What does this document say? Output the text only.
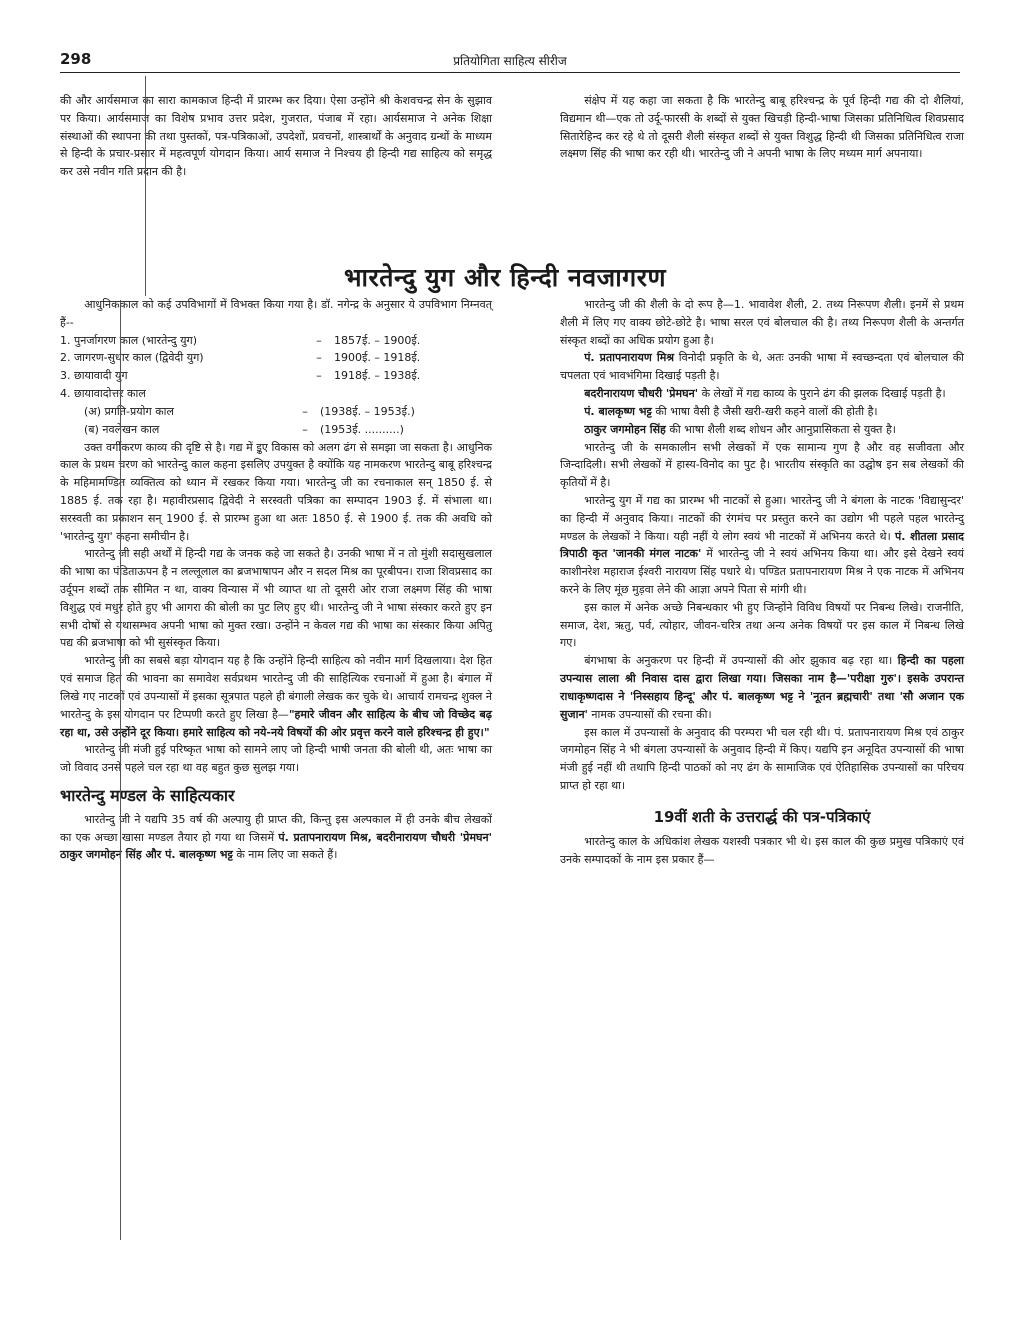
298	प्रतियोगिता साहित्य सीरीज

की और आर्यसमाज का सारा कामकाज हिन्दी में प्रारम्भ कर दिया। ऐसा उन्होंने श्री केशवचन्द्र सेन के सुझाव पर किया। आर्यसमाज का विशेष प्रभाव उत्तर प्रदेश, गुजरात, पंजाब में रहा। आर्यसमाज ने अनेक शिक्षा संस्थाओं की स्थापना की तथा पुस्तकों, पत्र-पत्रिकाओं, उपदेशों, प्रवचनों, शास्त्रार्थों के अनुवाद ग्रन्थों के माध्यम से हिन्दी के प्रचार-प्रसार में महत्वपूर्ण योगदान किया। आर्य समाज ने निश्चय ही हिन्दी गद्य साहित्य को समृद्ध कर उसे नवीन गति प्रदान की है।

संक्षेप में यह कहा जा सकता है कि भारतेन्दु बाबू हरिश्चन्द्र के पूर्व हिन्दी गद्य की दो शैलियां, विद्यमान थी—एक तो उर्दू-फारसी के शब्दों से युक्त खिचड़ी हिन्दी-भाषा जिसका प्रतिनिधित्व शिवप्रसाद सितारेहिन्द कर रहे थे तो दूसरी शैली संस्कृत शब्दों से युक्त विशुद्ध हिन्दी थी जिसका प्रतिनिधित्व राजा लक्ष्मण सिंह की भाषा कर रही थी। भारतेन्दु जी ने अपनी भाषा के लिए मध्यम मार्ग अपनाया।

भारतेन्दु युग और हिन्दी नवजागरण

आधुनिककाल को कई उपविभागों में विभक्त किया गया है। डॉ. नगेन्द्र के अनुसार ये उपविभाग निम्नवत् हैं--

1. पुनर्जागरण काल (भारतेन्दु युग)	–	1857ई. – 1900ई.
2. जागरण-सुधार काल (द्विवेदी युग)	–	1900ई. – 1918ई.
3. छायावादी युग	–	1918ई. – 1938ई.
4. छायावादोत्तर काल
(अ) प्रगति-प्रयोग काल	–	(1938ई. – 1953ई.)
(ब) नवलेखन काल	–	(1953ई. ..........)

उक्त वर्गीकरण काव्य की दृष्टि से है। गद्य में इुए विकास को अलग ढंग से समझा जा सकता है। आधुनिक काल के प्रथम चरण को भारतेन्दु काल कहना इसलिए उपयुक्त है क्योंकि यह नामकरण भारतेन्दु बाबू हरिश्चन्द्र के महिमामण्डित व्यक्तित्व को ध्यान में रखकर किया गया। भारतेन्दु जी का रचनाकाल सन् 1850 ई. से 1885 ई. तक रहा है। महावीरप्रसाद द्विवेदी ने सरस्वती पत्रिका का सम्पादन 1903 ई. में संभाला था। सरस्वती का प्रकाशन सन् 1900 ई. से प्रारम्भ हुआ था अतः 1850 ई. से 1900 ई. तक की अवधि को 'भारतेन्दु युग' कहना समीचीन है।

भारतेन्दु जी सही अर्थों में हिन्दी गद्य के जनक कहे जा सकते है। उनकी भाषा में न तो मुंशी सदासुखलाल की भाषा का पंडिताऊपन है न लल्लूलाल का ब्रजभाषापन और न सदल मिश्र का पूरबीपन। राजा शिवप्रसाद का उर्दूपन शब्दों तक सीमित न था, वाक्य विन्यास में भी व्याप्त था तो दूसरी ओर राजा लक्ष्मण सिंह की भाषा विशुद्ध एवं मधुर होते हुए भी आगरा की बोली का पुट लिए हुए थी। भारतेन्दु जी ने भाषा संस्कार करते हुए इन सभी दोषों से यथासम्भव अपनी भाषा को मुक्त रखा। उन्होंने न केवल गद्य की भाषा का संस्कार किया अपितु पद्य की ब्रजभाषा को भी सुसंस्कृत किया।

भारतेन्दु जी का सबसे बड़ा योगदान यह है कि उन्होंने हिन्दी साहित्य को नवीन मार्ग दिखलाया। देश हित एवं समाज हित की भावना का समावेश सर्वप्रथम भारतेन्दु जी की साहित्यिक रचनाओं में हुआ है। बंगाल में लिखे गए नाटकों एवं उपन्यासों में इसका सूत्रपात पहले ही बंगाली लेखक कर चुके थे। आचार्य रामचन्द्र शुक्ल ने भारतेन्दु के इस योगदान पर टिप्पणी करते हुए लिखा है—"हमारे जीवन और साहित्य के बीच जो विच्छेद बढ़ रहा था, उसे उन्होंने दूर किया। हमारे साहित्य को नये-नये विषयों की ओर प्रवृत्त करने वाले हरिश्चन्द्र ही हुए।"

भारतेन्दु जी मंजी हुई परिष्कृत भाषा को सामने लाए जो हिन्दी भाषी जनता की बोली थी, अतः भाषा का जो विवाद उनसे पहले चल रहा था वह बहुत कुछ सुलझ गया।

भारतेन्दु मण्डल के साहित्यकार

भारतेन्दु जी ने यद्यपि 35 वर्ष की अल्पायु ही प्राप्त की, किन्तु इस अल्पकाल में ही उनके बीच लेखकों का एक अच्छा खासा मण्डल तैयार हो गया था जिसमें पं. प्रतापनारायण मिश्र, बदरीनारायण चौधरी 'प्रेमघन' ठाकुर जगमोहन सिंह और पं. बालकृष्ण भट्ट के नाम लिए जा सकते हैं।

भारतेन्दु जी की शैली के दो रूप है—1. भावावेश शैली, 2. तथ्य निरूपण शैली। इनमें से प्रथम शैली में लिए गए वाक्य छोटे-छोटे है। भाषा सरल एवं बोलचाल की है। तथ्य निरूपण शैली के अन्तर्गत संस्कृत शब्दों का अधिक प्रयोग हुआ है।

पं. प्रतापनारायण मिश्र विनोदी प्रकृति के थे, अतः उनकी भाषा में स्वच्छन्दता एवं बोलचाल की चपलता एवं भावभंगिमा दिखाई पड़ती है।

बदरीनारायण चौधरी 'प्रेमघन' के लेखों में गद्य काव्य के पुराने ढंग की झलक दिखाई पड़ती है।

पं. बालकृष्ण भट्ट की भाषा वैसी है जैसी खरी-खरी कहने वालों की होती है।

ठाकुर जगमोहन सिंह की भाषा शैली शब्द शोधन और आनुप्रासिकता से युक्त है।

भारतेन्दु जी के समकालीन सभी लेखकों में एक सामान्य गुण है और वह सजीवता और जिन्दादिली। सभी लेखकों में हास्य-विनोद का पुट है। भारतीय संस्कृति का उद्घोष इन सब लेखकों की कृतियों में है।

भारतेन्दु युग में गद्य का प्रारम्भ भी नाटकों से हुआ। भारतेन्दु जी ने बंगला के नाटक 'विद्यासुन्दर' का हिन्दी में अनुवाद किया। नाटकों की रंगमंच पर प्रस्तुत करने का उद्योग भी पहले पहल भारतेन्दु मण्डल के लेखकों ने किया। यही नहीं ये लोग स्वयं भी नाटकों में अभिनय करते थे। पं. शीतला प्रसाद त्रिपाठी कृत 'जानकी मंगल नाटक' में भारतेन्दु जी ने स्वयं अभिनय किया था। और इसे देखने स्वयं काशीनरेश महाराज ईश्वरी नारायण सिंह पधारे थे। पण्डित प्रतापनारायण मिश्र ने एक नाटक में अभिनय करने के लिए मूंछ मुड़वा लेने की आज्ञा अपने पिता से मांगी थी।

इस काल में अनेक अच्छे निबन्धकार भी हुए जिन्होंने विविध विषयों पर निबन्ध लिखे। राजनीति, समाज, देश, ऋतु, पर्व, त्योहार, जीवन-चरित्र तथा अन्य अनेक विषयों पर इस काल में निबन्ध लिखे गए।

बंगभाषा के अनुकरण पर हिन्दी में उपन्यासों की ओर झुकाव बढ़ रहा था। हिन्दी का पहला उपन्यास लाला श्री निवास दास द्वारा लिखा गया। जिसका नाम है—'परीक्षा गुरु'। इसके उपरान्त राधाकृष्णदास ने 'निस्सहाय हिन्दू' और पं. बालकृष्ण भट्ट ने 'नूतन ब्रह्मचारी' तथा 'सौ अजान एक सुजान' नामक उपन्यासों की रचना की।

इस काल में उपन्यासों के अनुवाद की परम्परा भी चल रही थी। पं. प्रतापनारायण मिश्र एवं ठाकुर जगमोहन सिंह ने भी बंगला उपन्यासों के अनुवाद हिन्दी में किए। यद्यपि इन अनूदित उपन्यासों की भाषा मंजी हुई नहीं थी तथापि हिन्दी पाठकों को नए ढंग के सामाजिक एवं ऐतिहासिक उपन्यासों का परिचय प्राप्त हो रहा था।

19वीं शती के उत्तरार्द्ध की पत्र-पत्रिकाएं

भारतेन्दु काल के अधिकांश लेखक यशस्वी पत्रकार भी थे। इस काल की कुछ प्रमुख पत्रिकाएं एवं उनके सम्पादकों के नाम इस प्रकार हैं—
